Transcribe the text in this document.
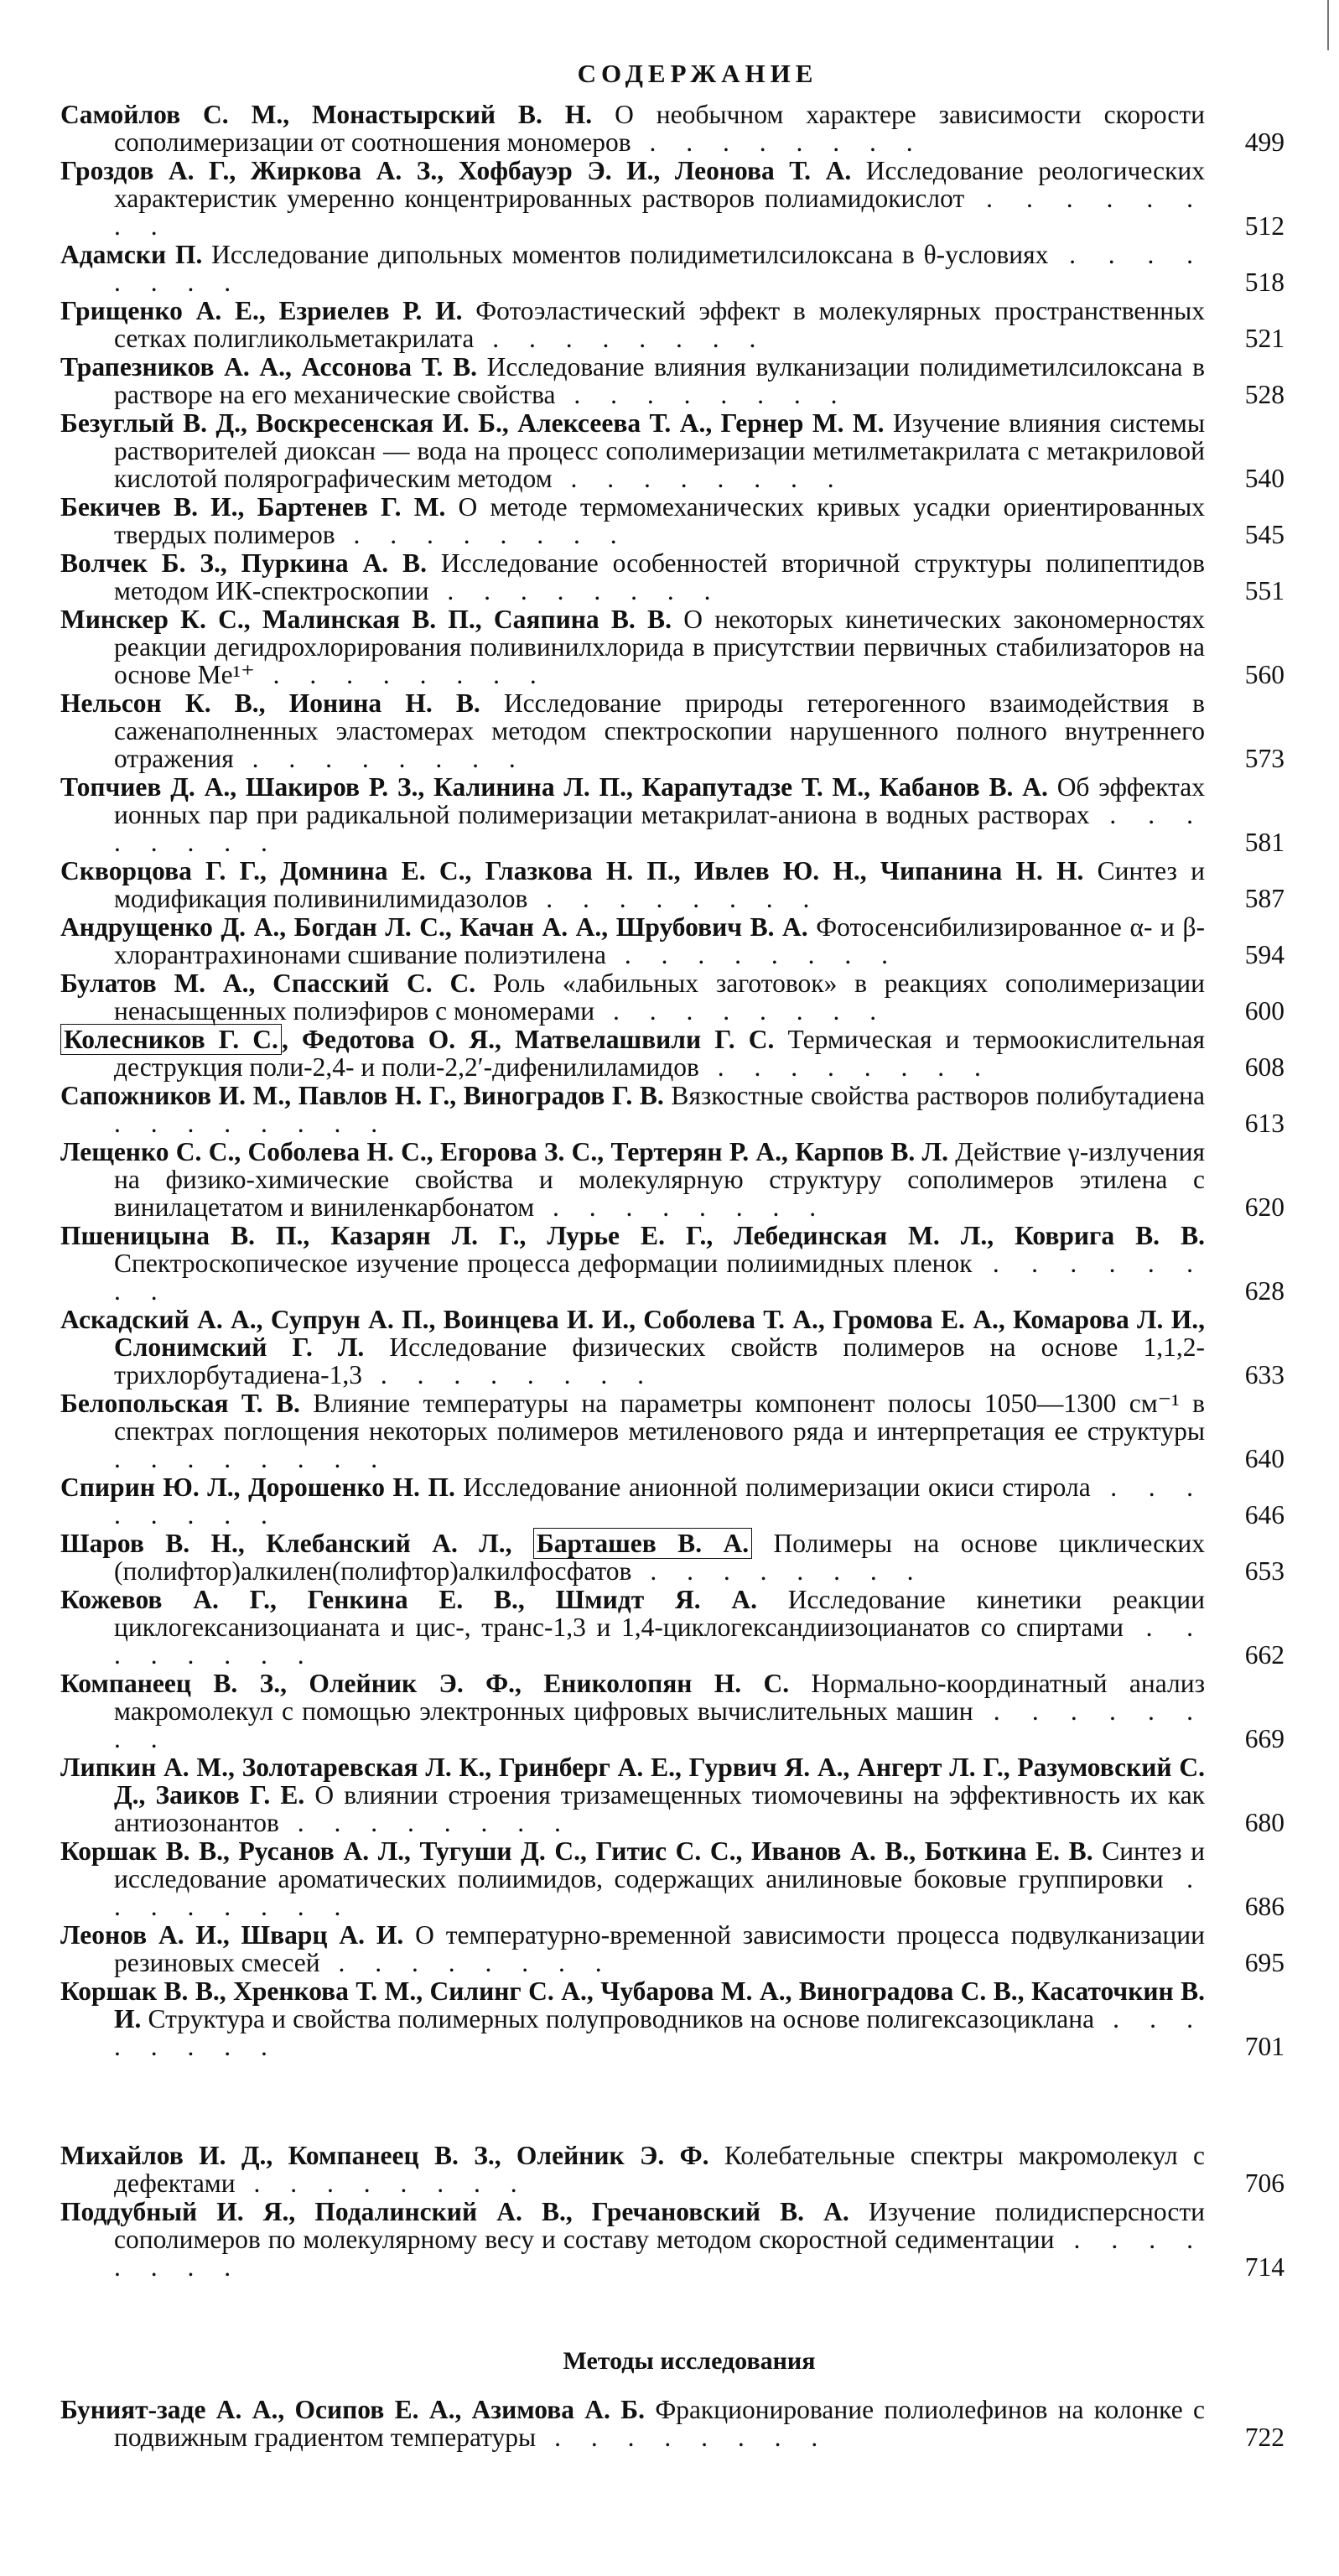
СОДЕРЖАНИЕ
Самойлов С. М., Монастырский В. Н. О необычном характере зависимости скорости сополимеризации от соотношения мономеров . . . . . . . .	499
Гроздов А. Г., Жиркова А. З., Хофбауэр Э. И., Леонова Т. А. Исследование реологических характеристик умеренно концентрированных растворов полиамидокислот . . . . . . . .	512
Адамски П. Исследование дипольных моментов полидиметилсилоксана в θ-условиях . . . . . . . .	518
Грищенко А. Е., Езриелев Р. И. Фотоэластический эффект в молекулярных пространственных сетках полигликольметакрилата . . . . . . . .	521
Трапезников А. А., Ассонова Т. В. Исследование влияния вулканизации полидиметилсилоксана в растворе на его механические свойства . . . . . . . .	528
Безуглый В. Д., Воскресенская И. Б., Алексеева Т. А., Гернер М. М. Изучение влияния системы растворителей диоксан — вода на процесс сополимеризации метилметакрилата с метакриловой кислотой полярографическим методом . . . . . . . .	540
Бекичев В. И., Бартенев Г. М. О методе термомеханических кривых усадки ориентированных твердых полимеров . . . . . . . .	545
Волчек Б. З., Пуркина А. В. Исследование особенностей вторичной структуры полипептидов методом ИК-спектроскопии . . . . . . . .	551
Минскер К. С., Малинская В. П., Саяпина В. В. О некоторых кинетических закономерностях реакции дегидрохлорирования поливинилхлорида в присутствии первичных стабилизаторов на основе Me¹⁺ . . . . . . . .	560
Нельсон К. В., Ионина Н. В. Исследование природы гетерогенного взаимодействия в саженаполненных эластомерах методом спектроскопии нарушенного полного внутреннего отражения . . . . . . . .	573
Топчиев Д. А., Шакиров Р. З., Калинина Л. П., Карапутадзе Т. М., Кабанов В. А. Об эффектах ионных пар при радикальной полимеризации метакрилат-аниона в водных растворах . . . . . . . .	581
Скворцова Г. Г., Домнина Е. С., Глазкова Н. П., Ивлев Ю. Н., Чипанина Н. Н. Синтез и модификация поливинилимидазолов . . . . . . . .	587
Андрущенко Д. А., Богдан Л. С., Качан А. А., Шрубович В. А. Фотосенсибилизированное α- и β-хлорантрахинонами сшивание полиэтилена . . . . . . . .	594
Булатов М. А., Спасский С. С. Роль «лабильных заготовок» в реакциях сополимеризации ненасыщенных полиэфиров с мономерами . . . . . . . .	600
Колесников Г. С. , Федотова О. Я., Матвелашвили Г. С. Термическая и термоокислительная деструкция поли-2,4- и поли-2,2′-дифенилиламидов . . . . . . . .	608
Сапожников И. М., Павлов Н. Г., Виноградов Г. В. Вязкостные свойства растворов полибутадиена . . . . . . . .	613
Лещенко С. С., Соболева Н. С., Егорова З. С., Тертерян Р. А., Карпов В. Л. Действие γ-излучения на физико-химические свойства и молекулярную структуру сополимеров этилена с винилацетатом и виниленкарбонатом . . . . . . . .	620
Пшеницына В. П., Казарян Л. Г., Лурье Е. Г., Лебединская М. Л., Коврига В. В. Спектроскопическое изучение процесса деформации полиимидных пленок . . . . . . . .	628
Аскадский А. А., Супрун А. П., Воинцева И. И., Соболева Т. А., Громова Е. А., Комарова Л. И., Слонимский Г. Л. Исследование физических свойств полимеров на основе 1,1,2-трихлорбутадиена-1,3 . . . . . . . .	633
Белопольская Т. В. Влияние температуры на параметры компонент полосы 1050—1300 см⁻¹ в спектрах поглощения некоторых полимеров метиленового ряда и интерпретация ее структуры . . . . . . . .	640
Спирин Ю. Л., Дорошенко Н. П. Исследование анионной полимеризации окиси стирола . . . . . . . .	646
Шаров В. Н., Клебанский А. Л., Барташев В. А. Полимеры на основе циклических (полифтор)алкилен(полифтор)алкилфосфатов . . . . . . . .	653
Кожевов А. Г., Генкина Е. В., Шмидт Я. А. Исследование кинетики реакции циклогексанизоцианата и цис-, транс-1,3 и 1,4-циклогександиизоцианатов со спиртами . . . . . . . .	662
Компанеец В. З., Олейник Э. Ф., Ениколопян Н. С. Нормально-координатный анализ макромолекул с помощью электронных цифровых вычислительных машин . . . . . . . .	669
Липкин А. М., Золотаревская Л. К., Гринберг А. Е., Гурвич Я. А., Ангерт Л. Г., Разумовский С. Д., Заиков Г. Е. О влиянии строения тризамещенных тиомочевины на эффективность их как антиозонантов . . . . . . . .	680
Коршак В. В., Русанов А. Л., Тугуши Д. С., Гитис С. С., Иванов А. В., Боткина Е. В. Синтез и исследование ароматических полиимидов, содержащих анилиновые боковые группировки . . . . . . . .	686
Леонов А. И., Шварц А. И. О температурно-временной зависимости процесса подвулканизации резиновых смесей . . . . . . . .	695
Коршак В. В., Хренкова Т. М., Силинг С. А., Чубарова М. А., Виноградова С. В., Касаточкин В. И. Структура и свойства полимерных полупроводников на основе полигексазоциклана . . . . . . . .	701
Михайлов И. Д., Компанеец В. З., Олейник Э. Ф. Колебательные спектры макромолекул с дефектами . . . . . . . .	706
Поддубный И. Я., Подалинский А. В., Гречановский В. А. Изучение полидисперсности сополимеров по молекулярному весу и составу методом скоростной седиментации . . . . . . . .	714
Методы исследования
Буният-заде А. А., Осипов Е. А., Азимова А. Б. Фракционирование полиолефинов на колонке с подвижным градиентом температуры . . . . . . . .	722
